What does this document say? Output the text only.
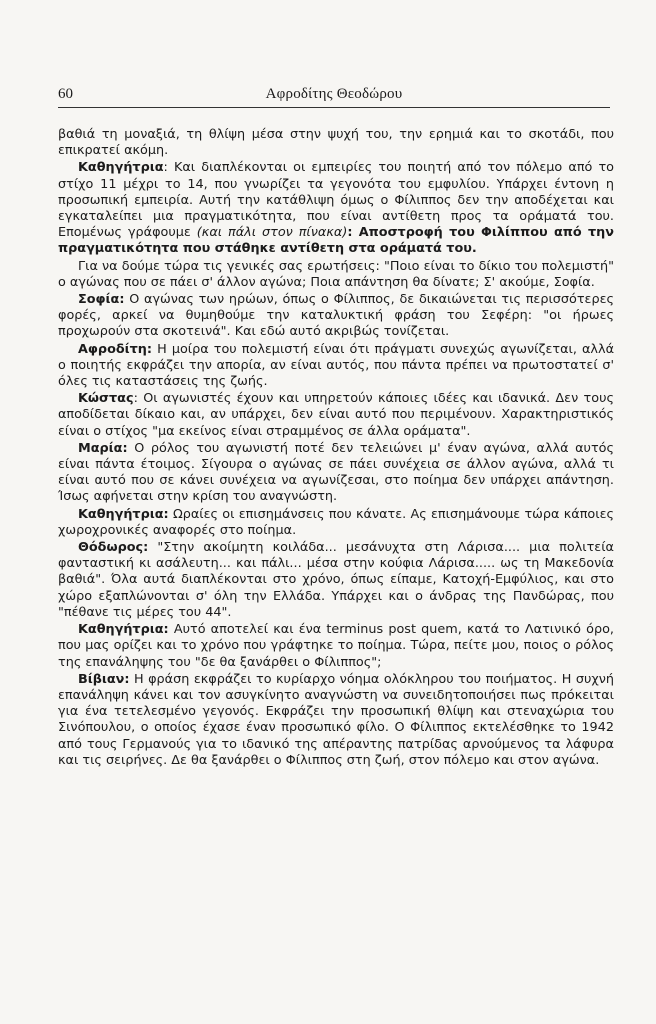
60	Αφροδίτης Θεοδώρου

βαθιά τη μοναξιά, τη θλίψη μέσα στην ψυχή του, την ερημιά και το σκοτάδι, που επικρατεί ακόμη.

Καθηγήτρια: Και διαπλέκονται οι εμπειρίες του ποιητή από τον πόλεμο από το στίχο 11 μέχρι το 14, που γνωρίζει τα γεγονότα του εμφυλίου. Υπάρχει έντονη η προσωπική εμπειρία. Αυτή την κατάθλιψη όμως ο Φίλιππος δεν την αποδέχεται και εγκαταλείπει μια πραγματικότητα, που είναι αντίθετη προς τα οράματά του. Επομένως γράφουμε (και πάλι στον πίνακα): Αποστροφή του Φιλίππου από την πραγματικότητα που στάθηκε αντίθετη στα οράματά του.

Για να δούμε τώρα τις γενικές σας ερωτήσεις: "Ποιο είναι το δίκιο του πολεμιστή" ο αγώνας που σε πάει σ' άλλον αγώνα; Ποια απάντηση θα δίνατε; Σ' ακούμε, Σοφία.

Σοφία: Ο αγώνας των ηρώων, όπως ο Φίλιππος, δε δικαιώνεται τις περισσότερες φορές, αρκεί να θυμηθούμε την καταλυκτική φράση του Σεφέρη: "οι ήρωες προχωρούν στα σκοτεινά". Και εδώ αυτό ακριβώς τονίζεται.

Αφροδίτη: Η μοίρα του πολεμιστή είναι ότι πράγματι συνεχώς αγωνίζεται, αλλά ο ποιητής εκφράζει την απορία, αν είναι αυτός, που πάντα πρέπει να πρωτοστατεί σ' όλες τις καταστάσεις της ζωής.

Κώστας: Οι αγωνιστές έχουν και υπηρετούν κάποιες ιδέες και ιδανικά. Δεν τους αποδίδεται δίκαιο και, αν υπάρχει, δεν είναι αυτό που περιμένουν. Χαρακτηριστικός είναι ο στίχος "μα εκείνος είναι στραμμένος σε άλλα οράματα".

Μαρία: Ο ρόλος του αγωνιστή ποτέ δεν τελειώνει μ' έναν αγώνα, αλλά αυτός είναι πάντα έτοιμος. Σίγουρα ο αγώνας σε πάει συνέχεια σε άλλον αγώνα, αλλά τι είναι αυτό που σε κάνει συνέχεια να αγωνίζεσαι, στο ποίημα δεν υπάρχει απάντηση. Ίσως αφήνεται στην κρίση του αναγνώστη.

Καθηγήτρια: Ωραίες οι επισημάνσεις που κάνατε. Ας επισημάνουμε τώρα κάποιες χωροχρονικές αναφορές στο ποίημα.

Θόδωρος: "Στην ακοίμητη κοιλάδα... μεσάνυχτα στη Λάρισα.... μια πολιτεία φανταστική κι ασάλευτη... και πάλι... μέσα στην κούφια Λάρισα..... ως τη Μακεδονία βαθιά". Όλα αυτά διαπλέκονται στο χρόνο, όπως είπαμε, Κατοχή-Εμφύλιος, και στο χώρο εξαπλώνονται σ' όλη την Ελλάδα. Υπάρχει και ο άνδρας της Πανδώρας, που "πέθανε τις μέρες του 44".

Καθηγήτρια: Αυτό αποτελεί και ένα terminus post quem, κατά το Λατινικό όρο, που μας ορίζει και το χρόνο που γράφτηκε το ποίημα. Τώρα, πείτε μου, ποιος ο ρόλος της επανάληψης του "δε θα ξανάρθει ο Φίλιππος";

Βίβιαν: Η φράση εκφράζει το κυρίαρχο νόημα ολόκληρου του ποιήματος. Η συχνή επανάληψη κάνει και τον ασυγκίνητο αναγνώστη να συνειδητοποιήσει πως πρόκειται για ένα τετελεσμένο γεγονός. Εκφράζει την προσωπική θλίψη και στεναχώρια του Σινόπουλου, ο οποίος έχασε έναν προσωπικό φίλο. Ο Φίλιππος εκτελέσθηκε το 1942 από τους Γερμανούς για το ιδανικό της απέραντης πατρίδας αρνούμενος τα λάφυρα και τις σειρήνες. Δε θα ξανάρθει ο Φίλιππος στη ζωή, στον πόλεμο και στον αγώνα.
